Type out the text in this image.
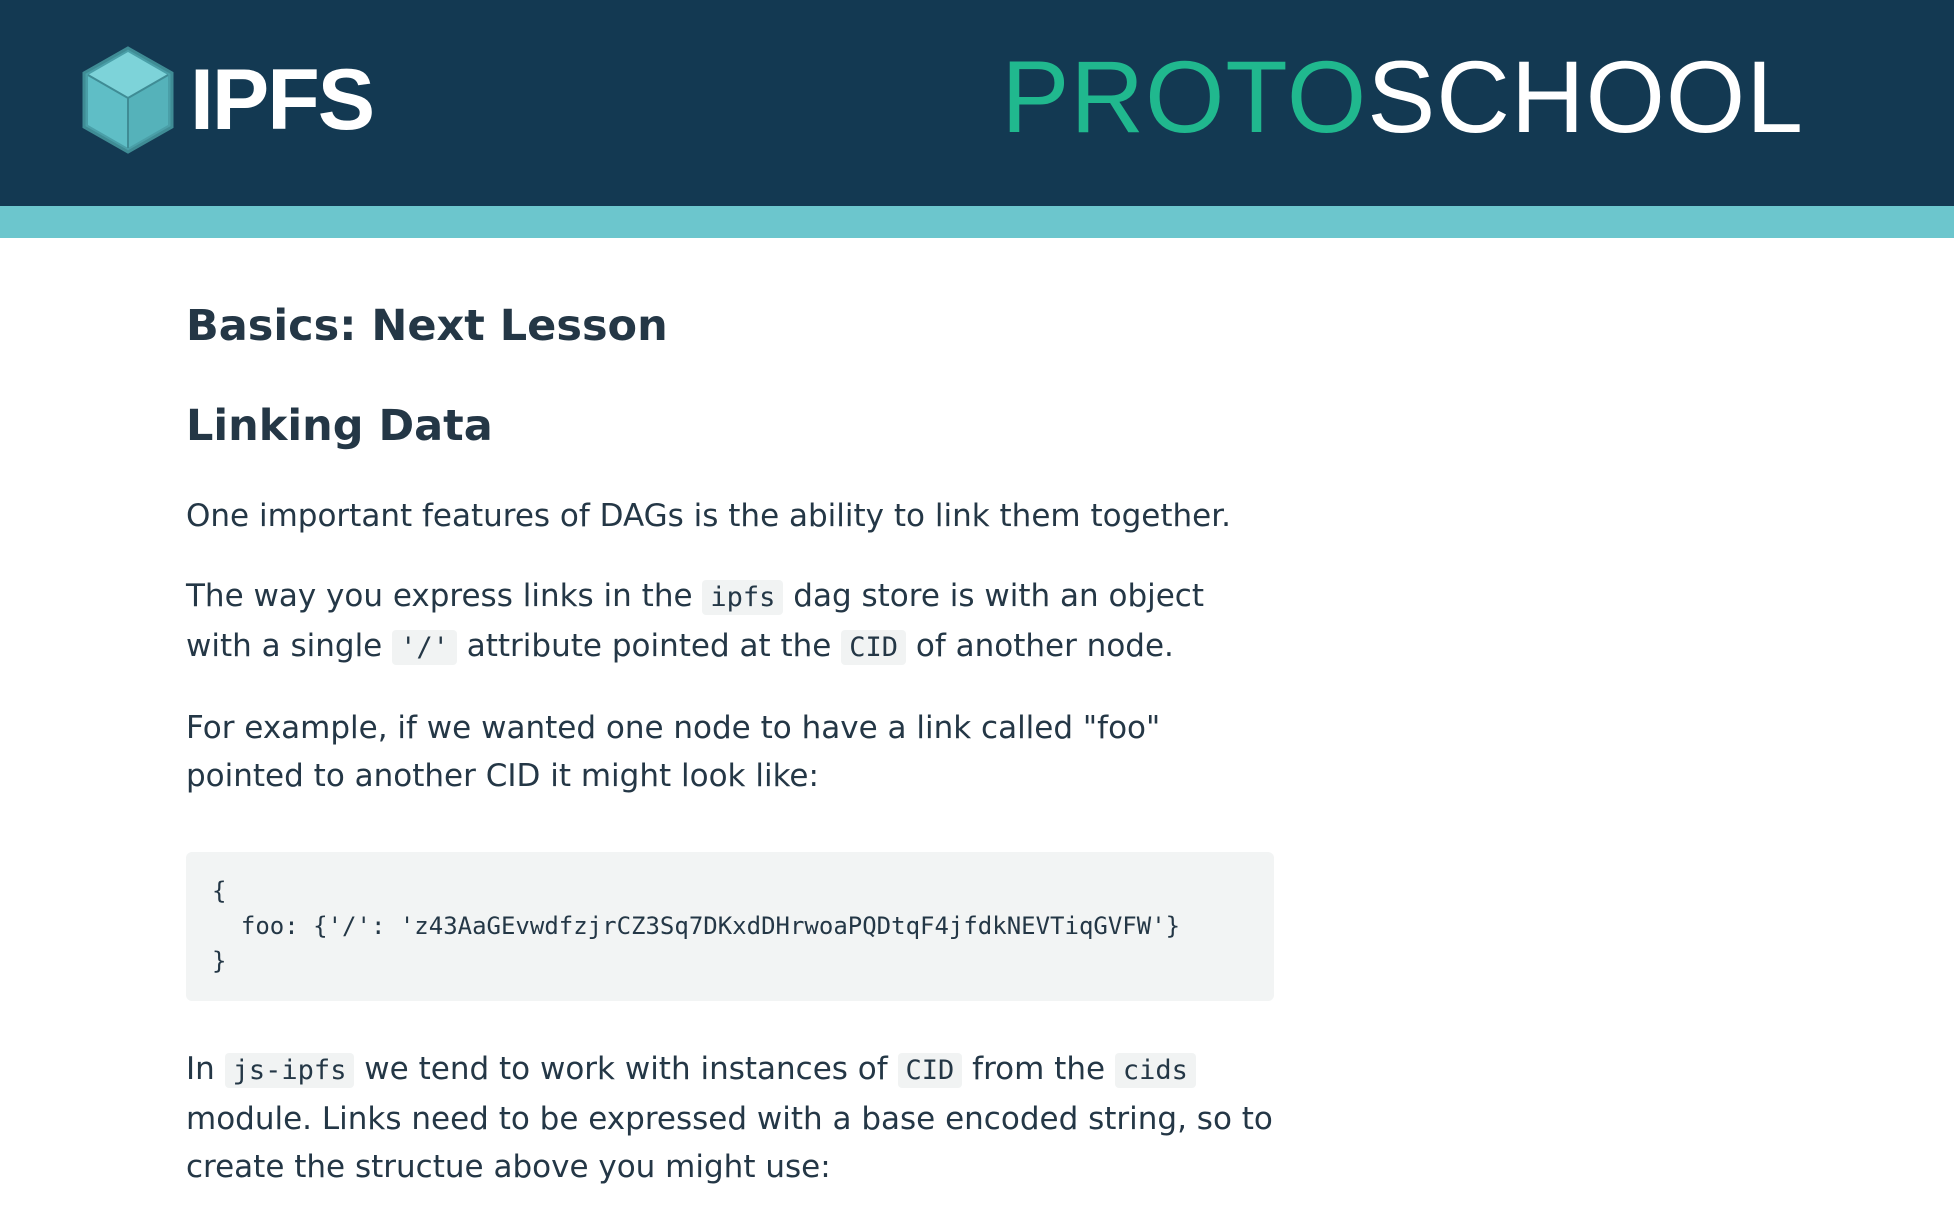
IPFS	PROTOSCHOOL
Basics: Next Lesson
Linking Data

One important features of DAGs is the ability to link them together.

The way you express links in the ipfs dag store is with an object with a single '/' attribute pointed at the CID of another node.

For example, if we wanted one node to have a link called "foo" pointed to another CID it might look like:

{
foo: {'/': 'z43AaGEvwdfzjrCZ3Sq7DKxdDHrwoaPQDtqF4jfdkNEVTiqGVFW'}
}

In js-ipfs we tend to work with instances of CID from the cids module. Links need to be expressed with a base encoded string, so to create the structue above you might use:
